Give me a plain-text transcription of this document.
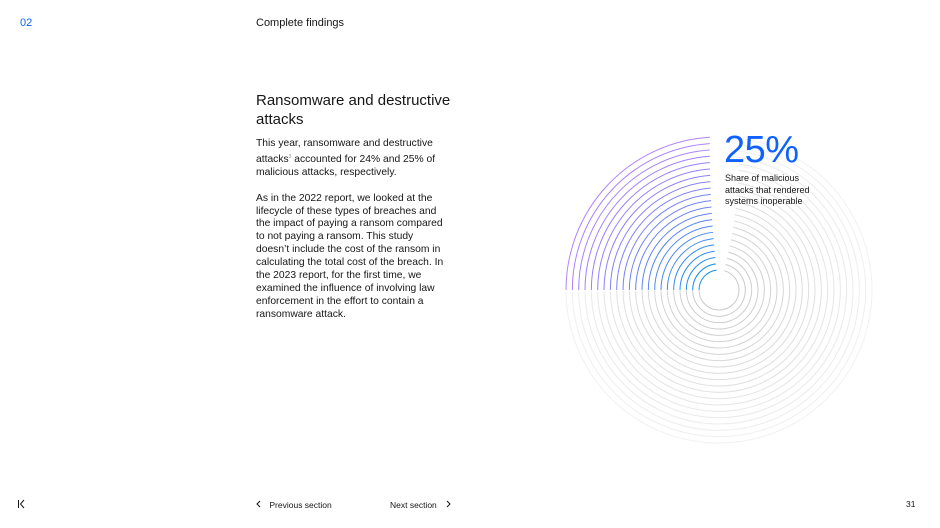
02	Complete findings
Ransomware and destructive attacks

This year, ransomware and destructive attacks$^3$ accounted for 24% and 25% of malicious attacks, respectively.

As in the 2022 report, we looked at the lifecycle of these types of breaches and the impact of paying a ransom compared to not paying a ransom. This study doesn’t include the cost of the ransom in calculating the total cost of the breach. In the 2023 report, for the first time, we examined the influence of involving law enforcement in the effort to contain a ransomware attack.

25%
Share of malicious attacks that rendered systems inoperable
Previous section	Next section	31
